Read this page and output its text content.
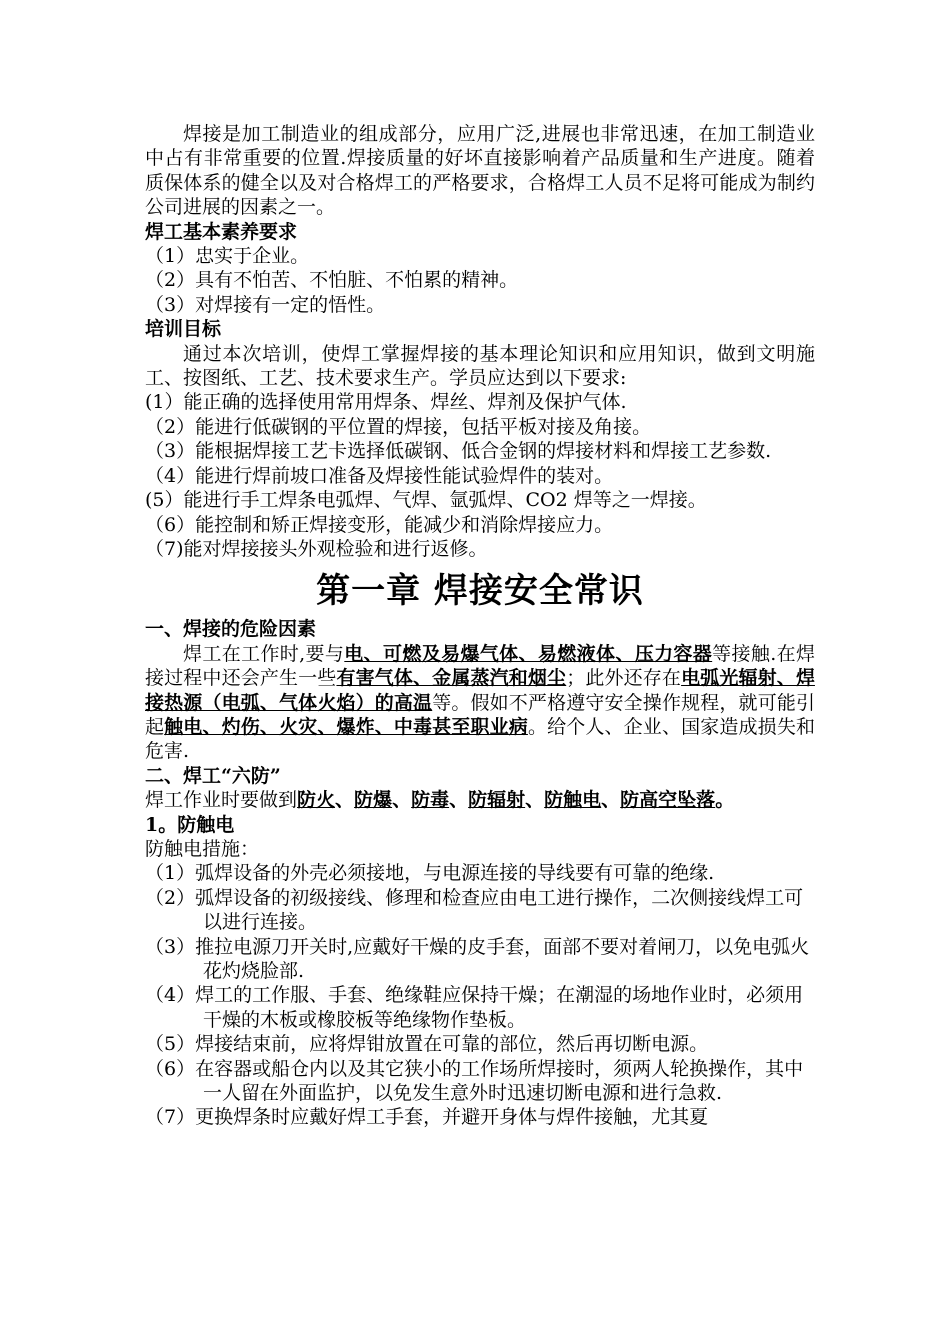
焊接是加工制造业的组成部分，应用广泛,进展也非常迅速，在加工制造业中占有非常重要的位置.焊接质量的好坏直接影响着产品质量和生产进度。随着质保体系的健全以及对合格焊工的严格要求，合格焊工人员不足将可能成为制约公司进展的因素之一。

焊工基本素养要求

（1）忠实于企业。

（2）具有不怕苦、不怕脏、不怕累的精神。

（3）对焊接有一定的悟性。

培训目标

通过本次培训，使焊工掌握焊接的基本理论知识和应用知识，做到文明施工、按图纸、工艺、技术要求生产。学员应达到以下要求:

(1）能正确的选择使用常用焊条、焊丝、焊剂及保护气体.

（2）能进行低碳钢的平位置的焊接，包括平板对接及角接。

（3）能根据焊接工艺卡选择低碳钢、低合金钢的焊接材料和焊接工艺参数.

（4）能进行焊前坡口准备及焊接性能试验焊件的装对。

(5）能进行手工焊条电弧焊、气焊、氩弧焊、CO2 焊等之一焊接。

（6）能控制和矫正焊接变形，能减少和消除焊接应力。

（7)能对焊接接头外观检验和进行返修。

第一章 焊接安全常识

一、焊接的危险因素

焊工在工作时,要与电、可燃及易爆气体、易燃液体、压力容器等接触.在焊接过程中还会产生一些有害气体、金属蒸汽和烟尘；此外还存在电弧光辐射、焊接热源（电弧、气体火焰）的高温等。假如不严格遵守安全操作规程，就可能引起触电、灼伤、火灾、爆炸、中毒甚至职业病。给个人、企业、国家造成损失和危害.

二、焊工“六防”

焊工作业时要做到防火、防爆、防毒、防辐射、防触电、防高空坠落。

1。防触电

防触电措施：

（1）弧焊设备的外壳必须接地，与电源连接的导线要有可靠的绝缘.

（2）弧焊设备的初级接线、修理和检查应由电工进行操作，二次侧接线焊工可以进行连接。

（3）推拉电源刀开关时,应戴好干燥的皮手套，面部不要对着闸刀，以免电弧火花灼烧脸部.

（4）焊工的工作服、手套、绝缘鞋应保持干燥；在潮湿的场地作业时，必须用干燥的木板或橡胶板等绝缘物作垫板。

（5）焊接结束前，应将焊钳放置在可靠的部位，然后再切断电源。

（6）在容器或船仓内以及其它狭小的工作场所焊接时，须两人轮换操作，其中一人留在外面监护，以免发生意外时迅速切断电源和进行急救.

（7）更换焊条时应戴好焊工手套，并避开身体与焊件接触，尤其夏
